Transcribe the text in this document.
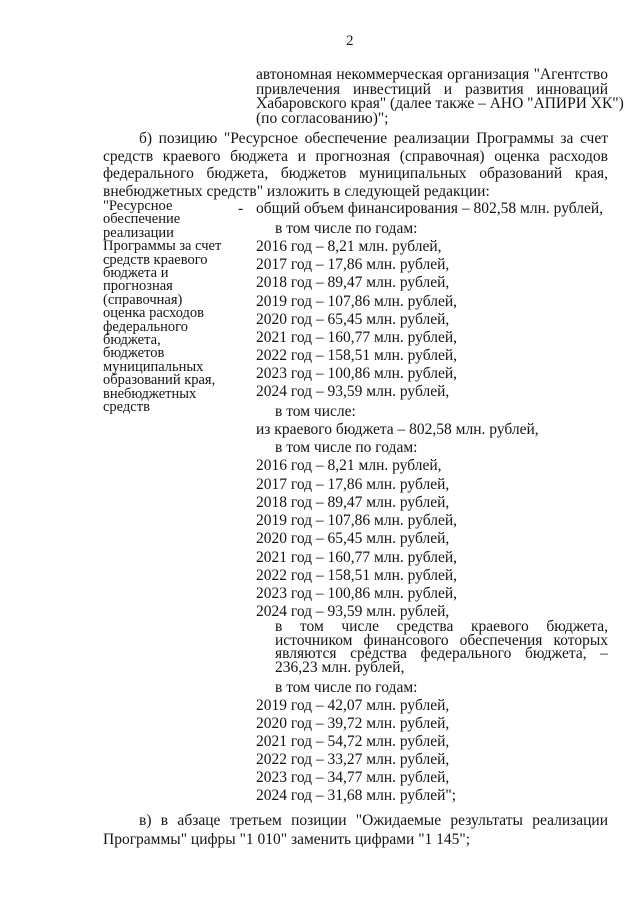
2
автономная некоммерческая организация "Агентство
привлечения инвестиций и развития инноваций
Хабаровского края" (далее также – АНО "АПИРИ ХК")
(по согласованию)";
б) позицию "Ресурсное обеспечение реализации Программы за счет
средств краевого бюджета и прогнозная (справочная) оценка расходов
федерального бюджета, бюджетов муниципальных образований края,
внебюджетных средств" изложить в следующей редакции:
"Ресурсное
обеспечение
реализации
Программы за счет
средств краевого
бюджета и
прогнозная
(справочная)
оценка расходов
федерального
бюджета,
бюджетов
муниципальных
образований края,
внебюджетных
средств
- общий объем финансирования – 802,58 млн. рублей,
в том числе по годам:
2016 год – 8,21 млн. рублей,
2017 год – 17,86 млн. рублей,
2018 год – 89,47 млн. рублей,
2019 год – 107,86 млн. рублей,
2020 год – 65,45 млн. рублей,
2021 год – 160,77 млн. рублей,
2022 год – 158,51 млн. рублей,
2023 год – 100,86 млн. рублей,
2024 год – 93,59 млн. рублей,
в том числе:
из краевого бюджета – 802,58 млн. рублей,
в том числе по годам:
2016 год – 8,21 млн. рублей,
2017 год – 17,86 млн. рублей,
2018 год – 89,47 млн. рублей,
2019 год – 107,86 млн. рублей,
2020 год – 65,45 млн. рублей,
2021 год – 160,77 млн. рублей,
2022 год – 158,51 млн. рублей,
2023 год – 100,86 млн. рублей,
2024 год – 93,59 млн. рублей,
в том числе средства краевого бюджета,
источником финансового обеспечения которых
являются средства федерального бюджета, –
236,23 млн. рублей,
в том числе по годам:
2019 год – 42,07 млн. рублей,
2020 год – 39,72 млн. рублей,
2021 год – 54,72 млн. рублей,
2022 год – 33,27 млн. рублей,
2023 год – 34,77 млн. рублей,
2024 год – 31,68 млн. рублей";
в) в абзаце третьем позиции "Ожидаемые результаты реализации
Программы" цифры "1 010" заменить цифрами "1 145";
